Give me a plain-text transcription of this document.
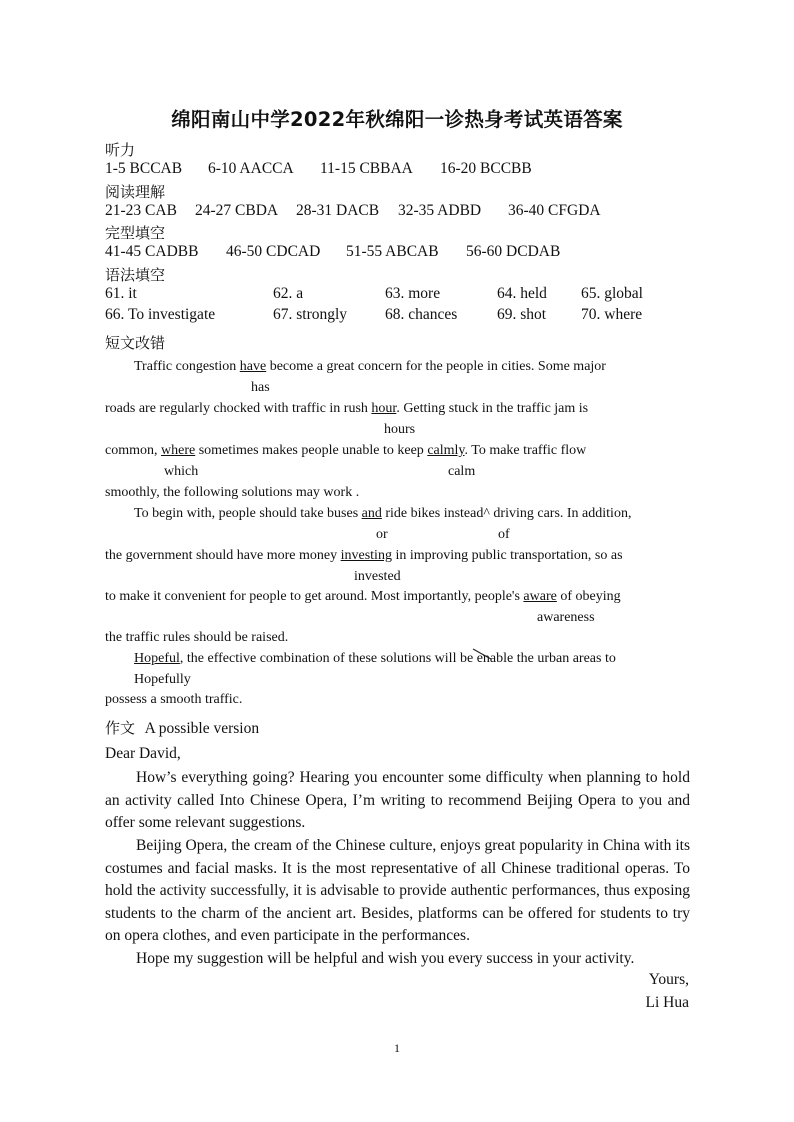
绵阳南山中学2022年秋绵阳一诊热身考试英语答案
听力
1-5 BCCAB 6-10 AACCA 11-15 CBBAA 16-20 BCCBB
阅读理解
21-23 CAB 24-27 CBDA 28-31 DACB 32-35 ADBD 36-40 CFGDA
完型填空
41-45 CADBB 46-50 CDCAD 51-55 ABCAB 56-60 DCDAB
语法填空
61. it	62. a	63. more	64. held 65. global
66. To investigate	67. strongly 68. chances	69. shot 70. where
短文改错
Traffic congestion have become a great concern for the people in cities. Some major
has
roads are regularly chocked with traffic in rush hour. Getting stuck in the traffic jam is
hours
common, where sometimes makes people unable to keep calmly. To make traffic flow
which	calm
smoothly, the following solutions may work .
To begin with, people should take buses and ride bikes instead^ driving cars. In addition,
or	of
the government should have more money investing in improving public transportation, so as
invested
to make it convenient for people to get around. Most importantly, people's aware of obeying
awareness
the traffic rules should be raised.
Hopeful, the effective combination of these solutions will be enable the urban areas to
Hopefully
possess a smooth traffic.
作文 A possible version
Dear David,

How’s everything going? Hearing you encounter some difficulty when planning to hold an activity called Into Chinese Opera, I’m writing to recommend Beijing Opera to you and offer some relevant suggestions.

Beijing Opera, the cream of the Chinese culture, enjoys great popularity in China with its costumes and facial masks. It is the most representative of all Chinese traditional operas. To hold the activity successfully, it is advisable to provide authentic performances, thus exposing students to the charm of the ancient art. Besides, platforms can be offered for students to try on opera clothes, and even participate in the performances.

Hope my suggestion will be helpful and wish you every success in your activity.

Yours,
Li Hua
1
